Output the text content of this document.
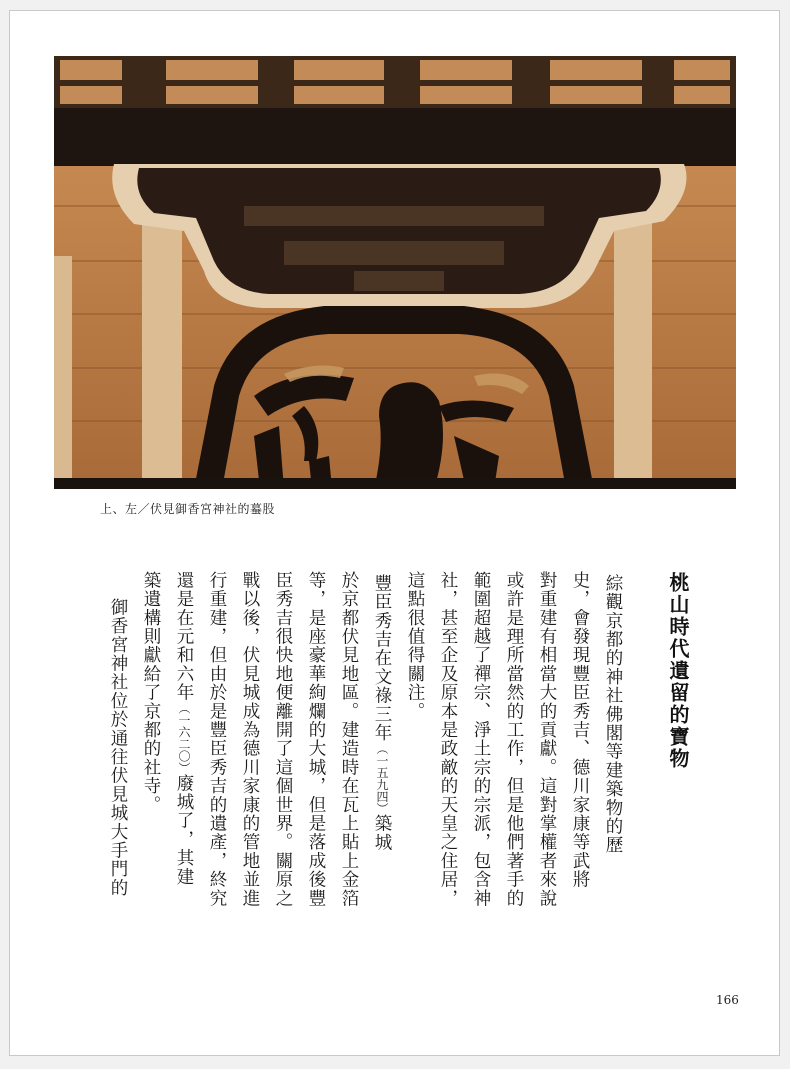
上、左／伏見御香宮神社的蟇股
桃山時代遺留的寶物
綜觀京都的神社佛閣等建築物的歷
史，會發現豐臣秀吉、德川家康等武將
對重建有相當大的貢獻。這對掌權者來說
或許是理所當然的工作，但是他們著手的
範圍超越了禪宗、淨土宗的宗派，包含神
社，甚至企及原本是政敵的天皇之住居，
這點很值得關注。
豐臣秀吉在文祿三年（一五九四）築城
於京都伏見地區。建造時在瓦上貼上金箔
等，是座豪華絢爛的大城，但是落成後豐
臣秀吉很快地便離開了這個世界。關原之
戰以後，伏見城成為德川家康的管地並進
行重建，但由於是豐臣秀吉的遺產，終究
還是在元和六年（一六二〇）廢城了，其建
築遺構則獻給了京都的社寺。
御香宮神社位於通往伏見城大手門的
166
